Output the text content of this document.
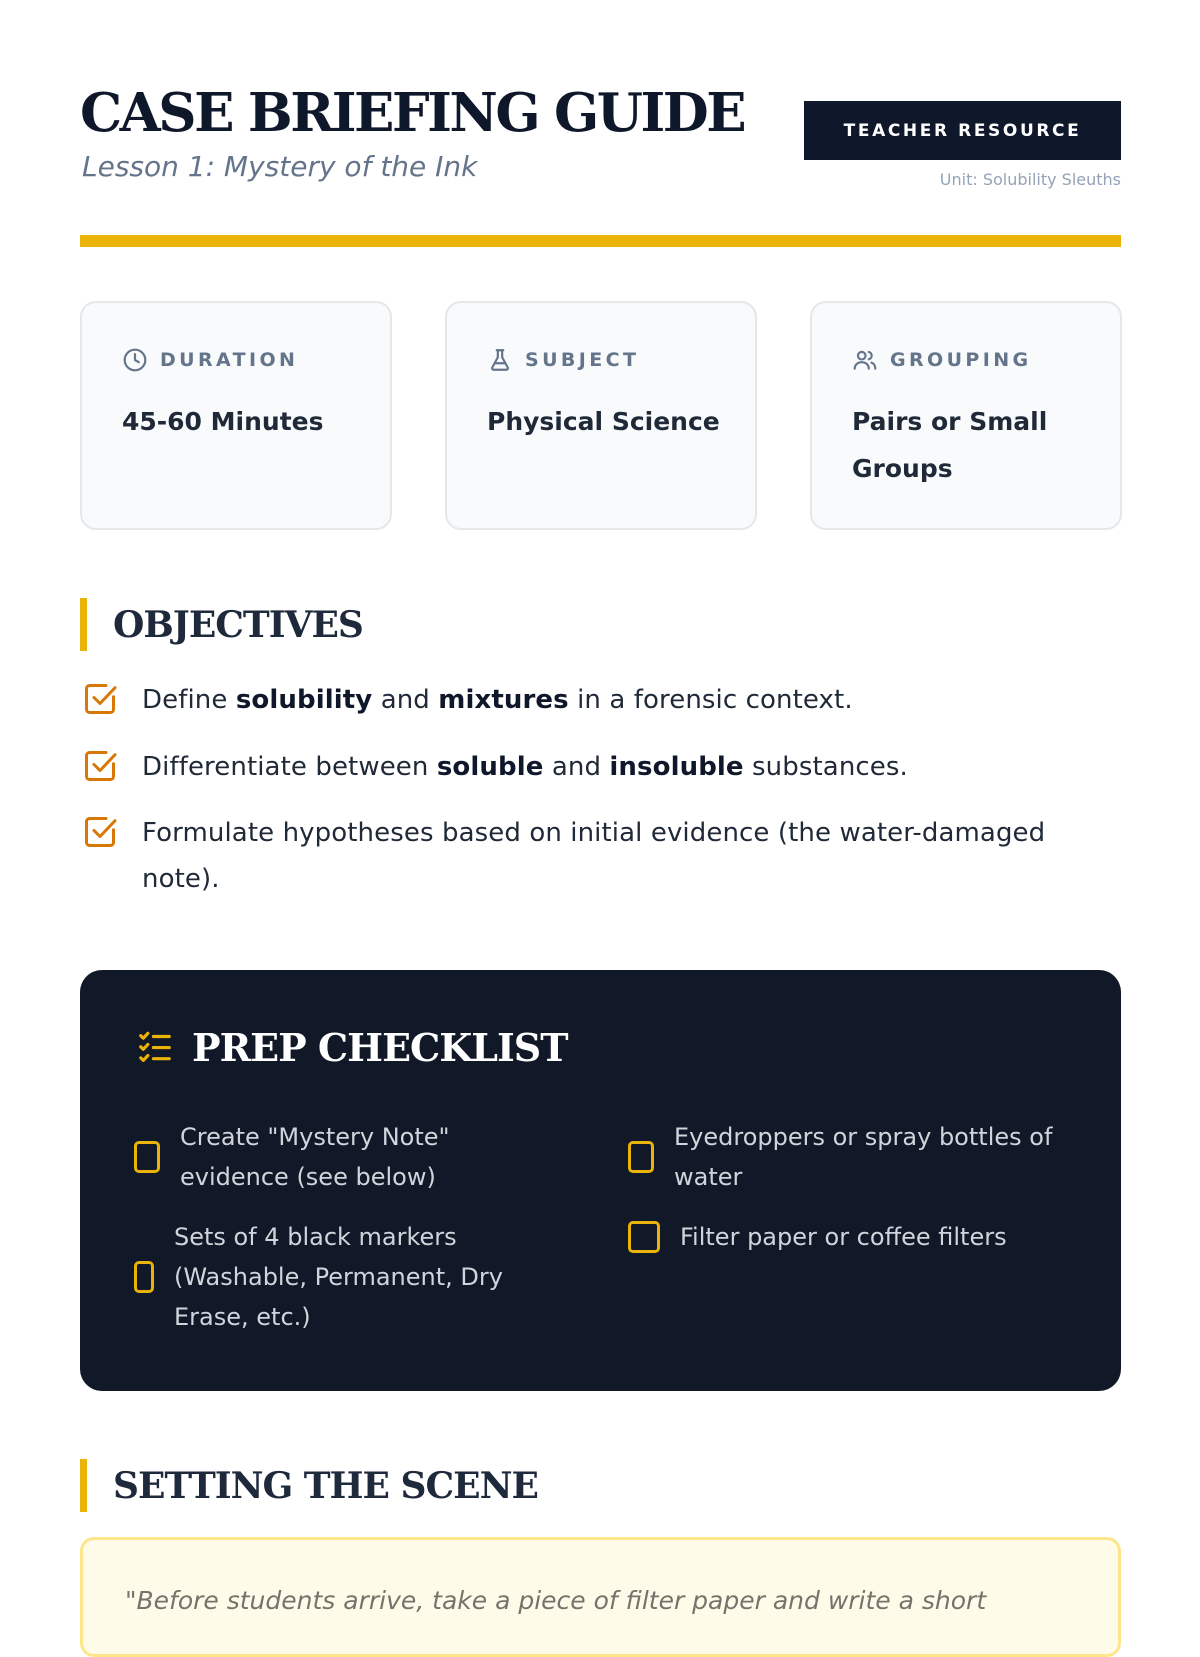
CASE BRIEFING GUIDE
Lesson 1: Mystery of the Ink
TEACHER RESOURCE
Unit: Solubility Sleuths
DURATION
45-60 Minutes
SUBJECT
Physical Science
GROUPING
Pairs or Small Groups
OBJECTIVES
Define solubility and mixtures in a forensic context.
Differentiate between soluble and insoluble substances.
Formulate hypotheses based on initial evidence (the water-damaged note).
PREP CHECKLIST
Create "Mystery Note" evidence (see below)
Eyedroppers or spray bottles of water
Sets of 4 black markers (Washable, Permanent, Dry Erase, etc.)
Filter paper or coffee filters
SETTING THE SCENE
"Before students arrive, take a piece of filter paper and write a short
